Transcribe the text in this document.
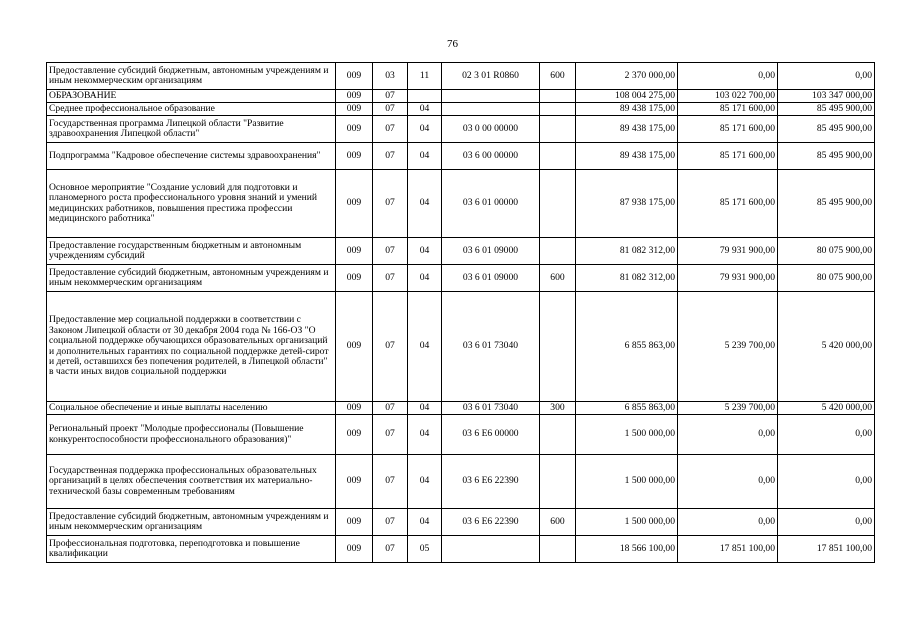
76
Предоставление субсидий бюджетным, автономным учреждениям и иным некоммерческим организациям	009	03	11	02 3 01 R0860	600	2 370 000,00	0,00	0,00
ОБРАЗОВАНИЕ	009	07				108 004 275,00	103 022 700,00	103 347 000,00
Среднее профессиональное образование	009	07	04			89 438 175,00	85 171 600,00	85 495 900,00
Государственная программа Липецкой области "Развитие здравоохранения Липецкой области"	009	07	04	03 0 00 00000		89 438 175,00	85 171 600,00	85 495 900,00
Подпрограмма "Кадровое обеспечение системы здравоохранения"	009	07	04	03 6 00 00000		89 438 175,00	85 171 600,00	85 495 900,00
Основное мероприятие "Создание условий для подготовки и планомерного роста профессионального уровня знаний и умений медицинских работников, повышения престижа профессии медицинского работника"	009	07	04	03 6 01 00000		87 938 175,00	85 171 600,00	85 495 900,00
Предоставление государственным бюджетным и автономным учреждениям субсидий	009	07	04	03 6 01 09000		81 082 312,00	79 931 900,00	80 075 900,00
Предоставление субсидий бюджетным, автономным учреждениям и иным некоммерческим организациям	009	07	04	03 6 01 09000	600	81 082 312,00	79 931 900,00	80 075 900,00
Предоставление мер социальной поддержки в соответствии с Законом Липецкой области от 30 декабря 2004 года № 166-ОЗ "О социальной поддержке обучающихся образовательных организаций и дополнительных гарантиях по социальной поддержке детей-сирот и детей, оставшихся без попечения родителей, в Липецкой области" в части иных видов социальной поддержки	009	07	04	03 6 01 73040		6 855 863,00	5 239 700,00	5 420 000,00
Социальное обеспечение и иные выплаты населению	009	07	04	03 6 01 73040	300	6 855 863,00	5 239 700,00	5 420 000,00
Региональный проект "Молодые профессионалы (Повышение конкурентоспособности профессионального образования)"	009	07	04	03 6 E6 00000		1 500 000,00	0,00	0,00
Государственная поддержка профессиональных образовательных организаций в целях обеспечения соответствия их материально-технической базы современным требованиям	009	07	04	03 6 E6 22390		1 500 000,00	0,00	0,00
Предоставление субсидий бюджетным, автономным учреждениям и иным некоммерческим организациям	009	07	04	03 6 E6 22390	600	1 500 000,00	0,00	0,00
Профессиональная подготовка, переподготовка и повышение квалификации	009	07	05			18 566 100,00	17 851 100,00	17 851 100,00
